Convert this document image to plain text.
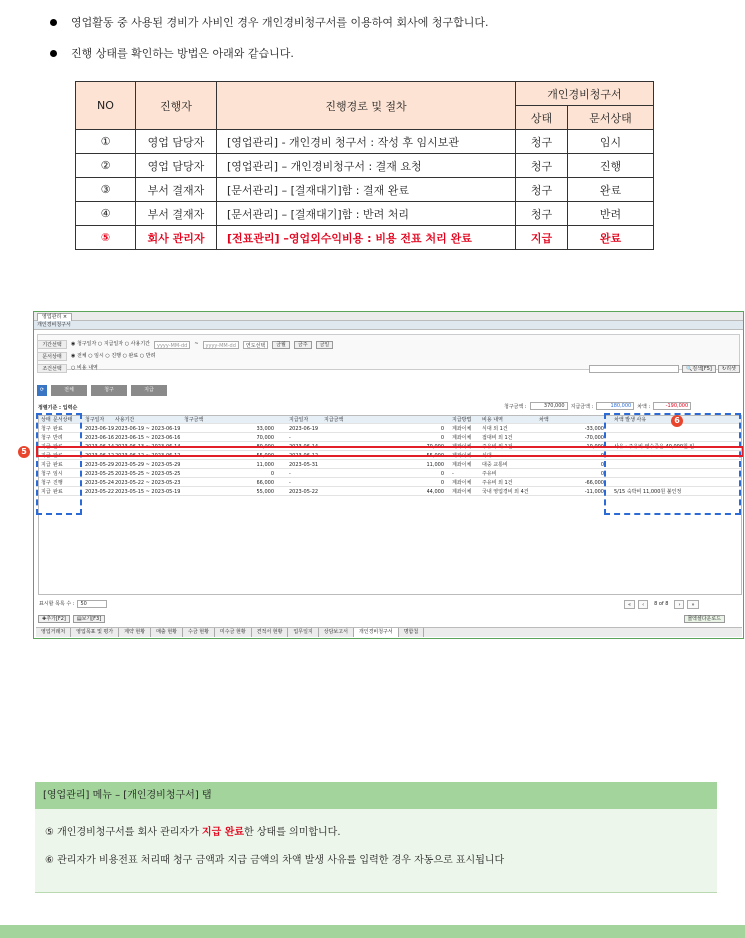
영업활동 중 사용된 경비가 사비인 경우 개인경비청구서를 이용하여 회사에 청구합니다.
진행 상태를 확인하는 방법은 아래와 같습니다.
NO	진행자	진행경로 및 절차	개인경비청구서	
			상태	문서상태
①	영업 담당자	[영업관리] - 개인경비 청구서 : 작성 후 임시보관	청구	임시
②	영업 담당자	[영업관리] – 개인경비청구서 : 결재 요청	청구	진행
③	부서 결재자	[문서관리] – [결재대기]함 : 결재 완료	청구	완료
④	부서 결재자	[문서관리] – [결재대기]함 : 반려 처리	청구	반려
⑤	회사 관리자	[전표관리] –영업외수익비용 : 비용 전표 처리 완료	지급	완료
영업관리 ×
개인경비청구서
기간선택	◉ 청구일자 ○ 지급일자 ○ 사용기간	yyyy-MM-dd	~	yyyy-MM-dd	연도선택	금월	금주	금일
문서상태	◉ 전체 ○ 임시 ○ 진행 ○ 완료 ○ 반려
조건선택	○ 비용 내역	🔍검색[F5]	↻리셋
⟳	전체	청구	지급
정렬기준 : 입력순	청구금액 :	370,000	지급금액 :	180,000	차액 :	-190,000
상태 문서상태	청구일자 사용기간	청구금액	지급일자	지급금액	지급방법 비용 내역	차액	차액 발생 사유
청구 완료	2023-06-19 2023-06-19 ~ 2023-06-19	33,000	2023-06-19	0 계좌이체 식대 외 1건	-33,000
청구 반려	2023-06-16 2023-06-15 ~ 2023-06-16	70,000	-	0 계좌이체 접대비 외 1건	-70,000
지급 완료	2023-06-14 2023-06-13 ~ 2023-06-14	80,000	2023-06-14	70,000 계좌이체 주유비 외 1건	-10,000 사유 : 주유비 영수증은 40,000원 입..
지급 완료	2023-06-12 2023-06-12 ~ 2023-06-12	55,000	2023-06-12	55,000 계좌이체 식대	0
지급 완료	2023-05-29 2023-05-29 ~ 2023-05-29	11,000	2023-05-31	11,000 계좌이체 대중 교통비	0
청구 임시	2023-05-25 2023-05-25 ~ 2023-05-25	0	-	0 -	주유비	0
청구 진행	2023-05-24 2023-05-22 ~ 2023-05-23	66,000	-	0 계좌이체 주유비 외 1건	-66,000
지급 완료	2023-05-22 2023-05-15 ~ 2023-05-19	55,000	2023-05-22	44,000 계좌이체 국내 영업경비 외 4건	-11,000 5/15 숙박비 11,000원 불인정
6
표시할 목록 수 :	50	«	‹	8 of 8	›	»
✚추가[F2]	▤보기[F3]	🗎엑셀다운로드
영업거래처	영업목표 및 평가	계약 현황	매출 현황	수금 현황	미수금 현황	견적서 현황	업무일지	상담보고서	개인경비청구서	명함첩
5
[영업관리] 메뉴 – [개인경비청구서] 탭
⑤ 개인경비청구서를 회사 관리자가 지급 완료한 상태를 의미합니다.
⑥ 관리자가 비용전표 처리때 청구 금액과 지급 금액의 차액 발생 사유를 입력한 경우 자동으로 표시됩니다
